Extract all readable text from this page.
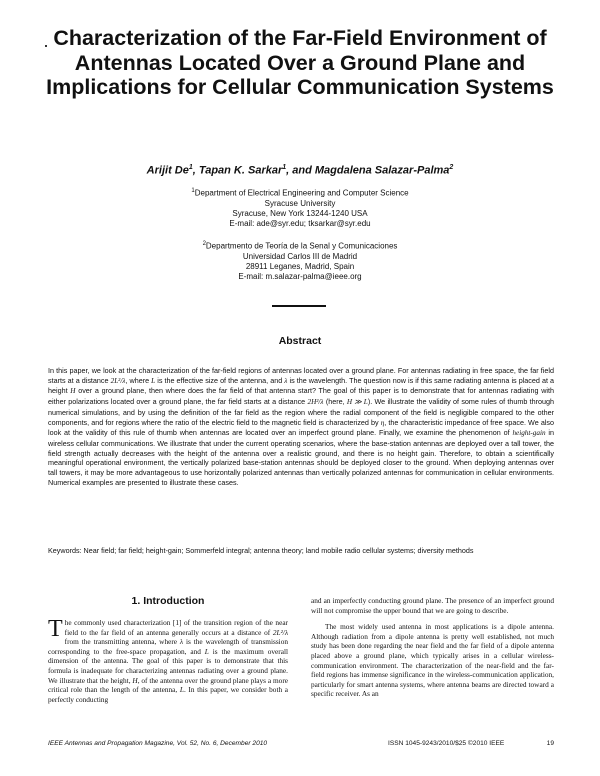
Characterization of the Far-Field Environment of Antennas Located Over a Ground Plane and Implications for Cellular Communication Systems
Arijit De$^1$, Tapan K. Sarkar$^1$, and Magdalena Salazar-Palma$^2$
$^1$Department of Electrical Engineering and Computer Science
Syracuse University
Syracuse, New York 13244-1240 USA
E-mail: ade@syr.edu; tksarkar@syr.edu
$^2$Departmento de Teoría de la Senal y Comunicaciones
Universidad Carlos III de Madrid
28911 Leganes, Madrid, Spain
E-mail: m.salazar-palma@ieee.org
Abstract
In this paper, we look at the characterization of the far-field regions of antennas located over a ground plane. For antennas radiating in free space, the far field starts at a distance 2L²/λ, where L is the effective size of the antenna, and λ is the wavelength. The question now is if this same radiating antenna is placed at a height H over a ground plane, then where does the far field of that antenna start? The goal of this paper is to demonstrate that for antennas radiating with either polarizations located over a ground plane, the far field starts at a distance 2H²/λ (here, H ≫ L). We illustrate the validity of some rules of thumb through numerical simulations, and by using the definition of the far field as the region where the radial component of the field is negligible compared to the other components, and for regions where the ratio of the electric field to the magnetic field is characterized by η, the characteristic impedance of free space. We also look at the validity of this rule of thumb when antennas are located over an imperfect ground plane. Finally, we examine the phenomenon of height-gain in wireless cellular communications. We illustrate that under the current operating scenarios, where the base-station antennas are deployed over a tall tower, the field strength actually decreases with the height of the antenna over a realistic ground, and there is no height gain. Therefore, to obtain a scientifically meaningful operational environment, the vertically polarized base-station antennas should be deployed closer to the ground. When deploying antennas over tall towers, it may be more advantageous to use horizontally polarized antennas than vertically polarized antennas for communication in cellular environments. Numerical examples are presented to illustrate these cases.
Keywords: Near field; far field; height-gain; Sommerfeld integral; antenna theory; land mobile radio cellular systems; diversity methods
1. Introduction
The commonly used characterization [1] of the transition region of the near field to the far field of an antenna generally occurs at a distance of 2L²/λ from the transmitting antenna, where λ is the wavelength of transmission corresponding to the free-space propagation, and L is the maximum overall dimension of the antenna. The goal of this paper is to demonstrate that this formula is inadequate for characterizing antennas radiating over a ground plane. We illustrate that the height, H, of the antenna over the ground plane plays a more critical role than the length of the antenna, L. In this paper, we consider both a perfectly conducting
and an imperfectly conducting ground plane. The presence of an imperfect ground will not compromise the upper bound that we are going to describe.
The most widely used antenna in most applications is a dipole antenna. Although radiation from a dipole antenna is pretty well established, not much study has been done regarding the near field and the far field of a dipole antenna placed above a ground plane, which typically arises in a cellular wireless-communication environment. The characterization of the near-field and the far-field regions has immense significance in the wireless-communication application, particularly for smart antenna systems, where antenna beams are directed toward a specific receiver. As an
IEEE Antennas and Propagation Magazine, Vol. 52, No. 6, December 2010	ISSN 1045-9243/2010/$25 ©2010 IEEE	19
